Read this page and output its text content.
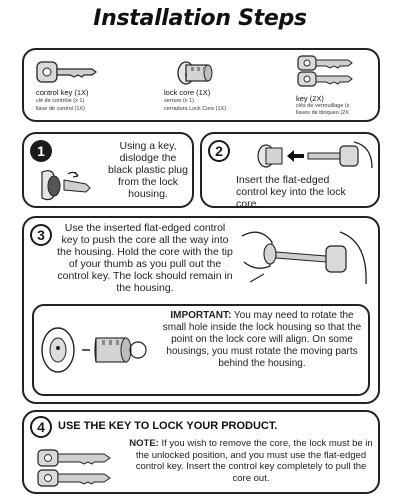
Installation Steps
control key (1X)
clé de contrôle (x 1)
llave de control (1X)
lock core (1X)
serrure (x 1)
cerradura Lock Core (1X)
key (2X)
clés de verrouillage (x
llaves de bloqueo (2X
1	Using a key, dislodge the black plastic plug from the lock housing.
2
Insert the flat-edged control key into the lock core.
3	Use the inserted flat-edged control key to push the core all the way into the housing. Hold the core with the tip of your thumb as you pull out the control key. The lock should remain in the housing.
IMPORTANT: You may need to rotate the small hole inside the lock housing so that the point on the lock core will align. On some housings, you must rotate the moving parts behind the housing.
4	USE THE KEY TO LOCK YOUR PRODUCT.
NOTE: If you wish to remove the core, the lock must be in the unlocked position, and you must use the flat-edged control key. Insert the control key completely to pull the core out.
